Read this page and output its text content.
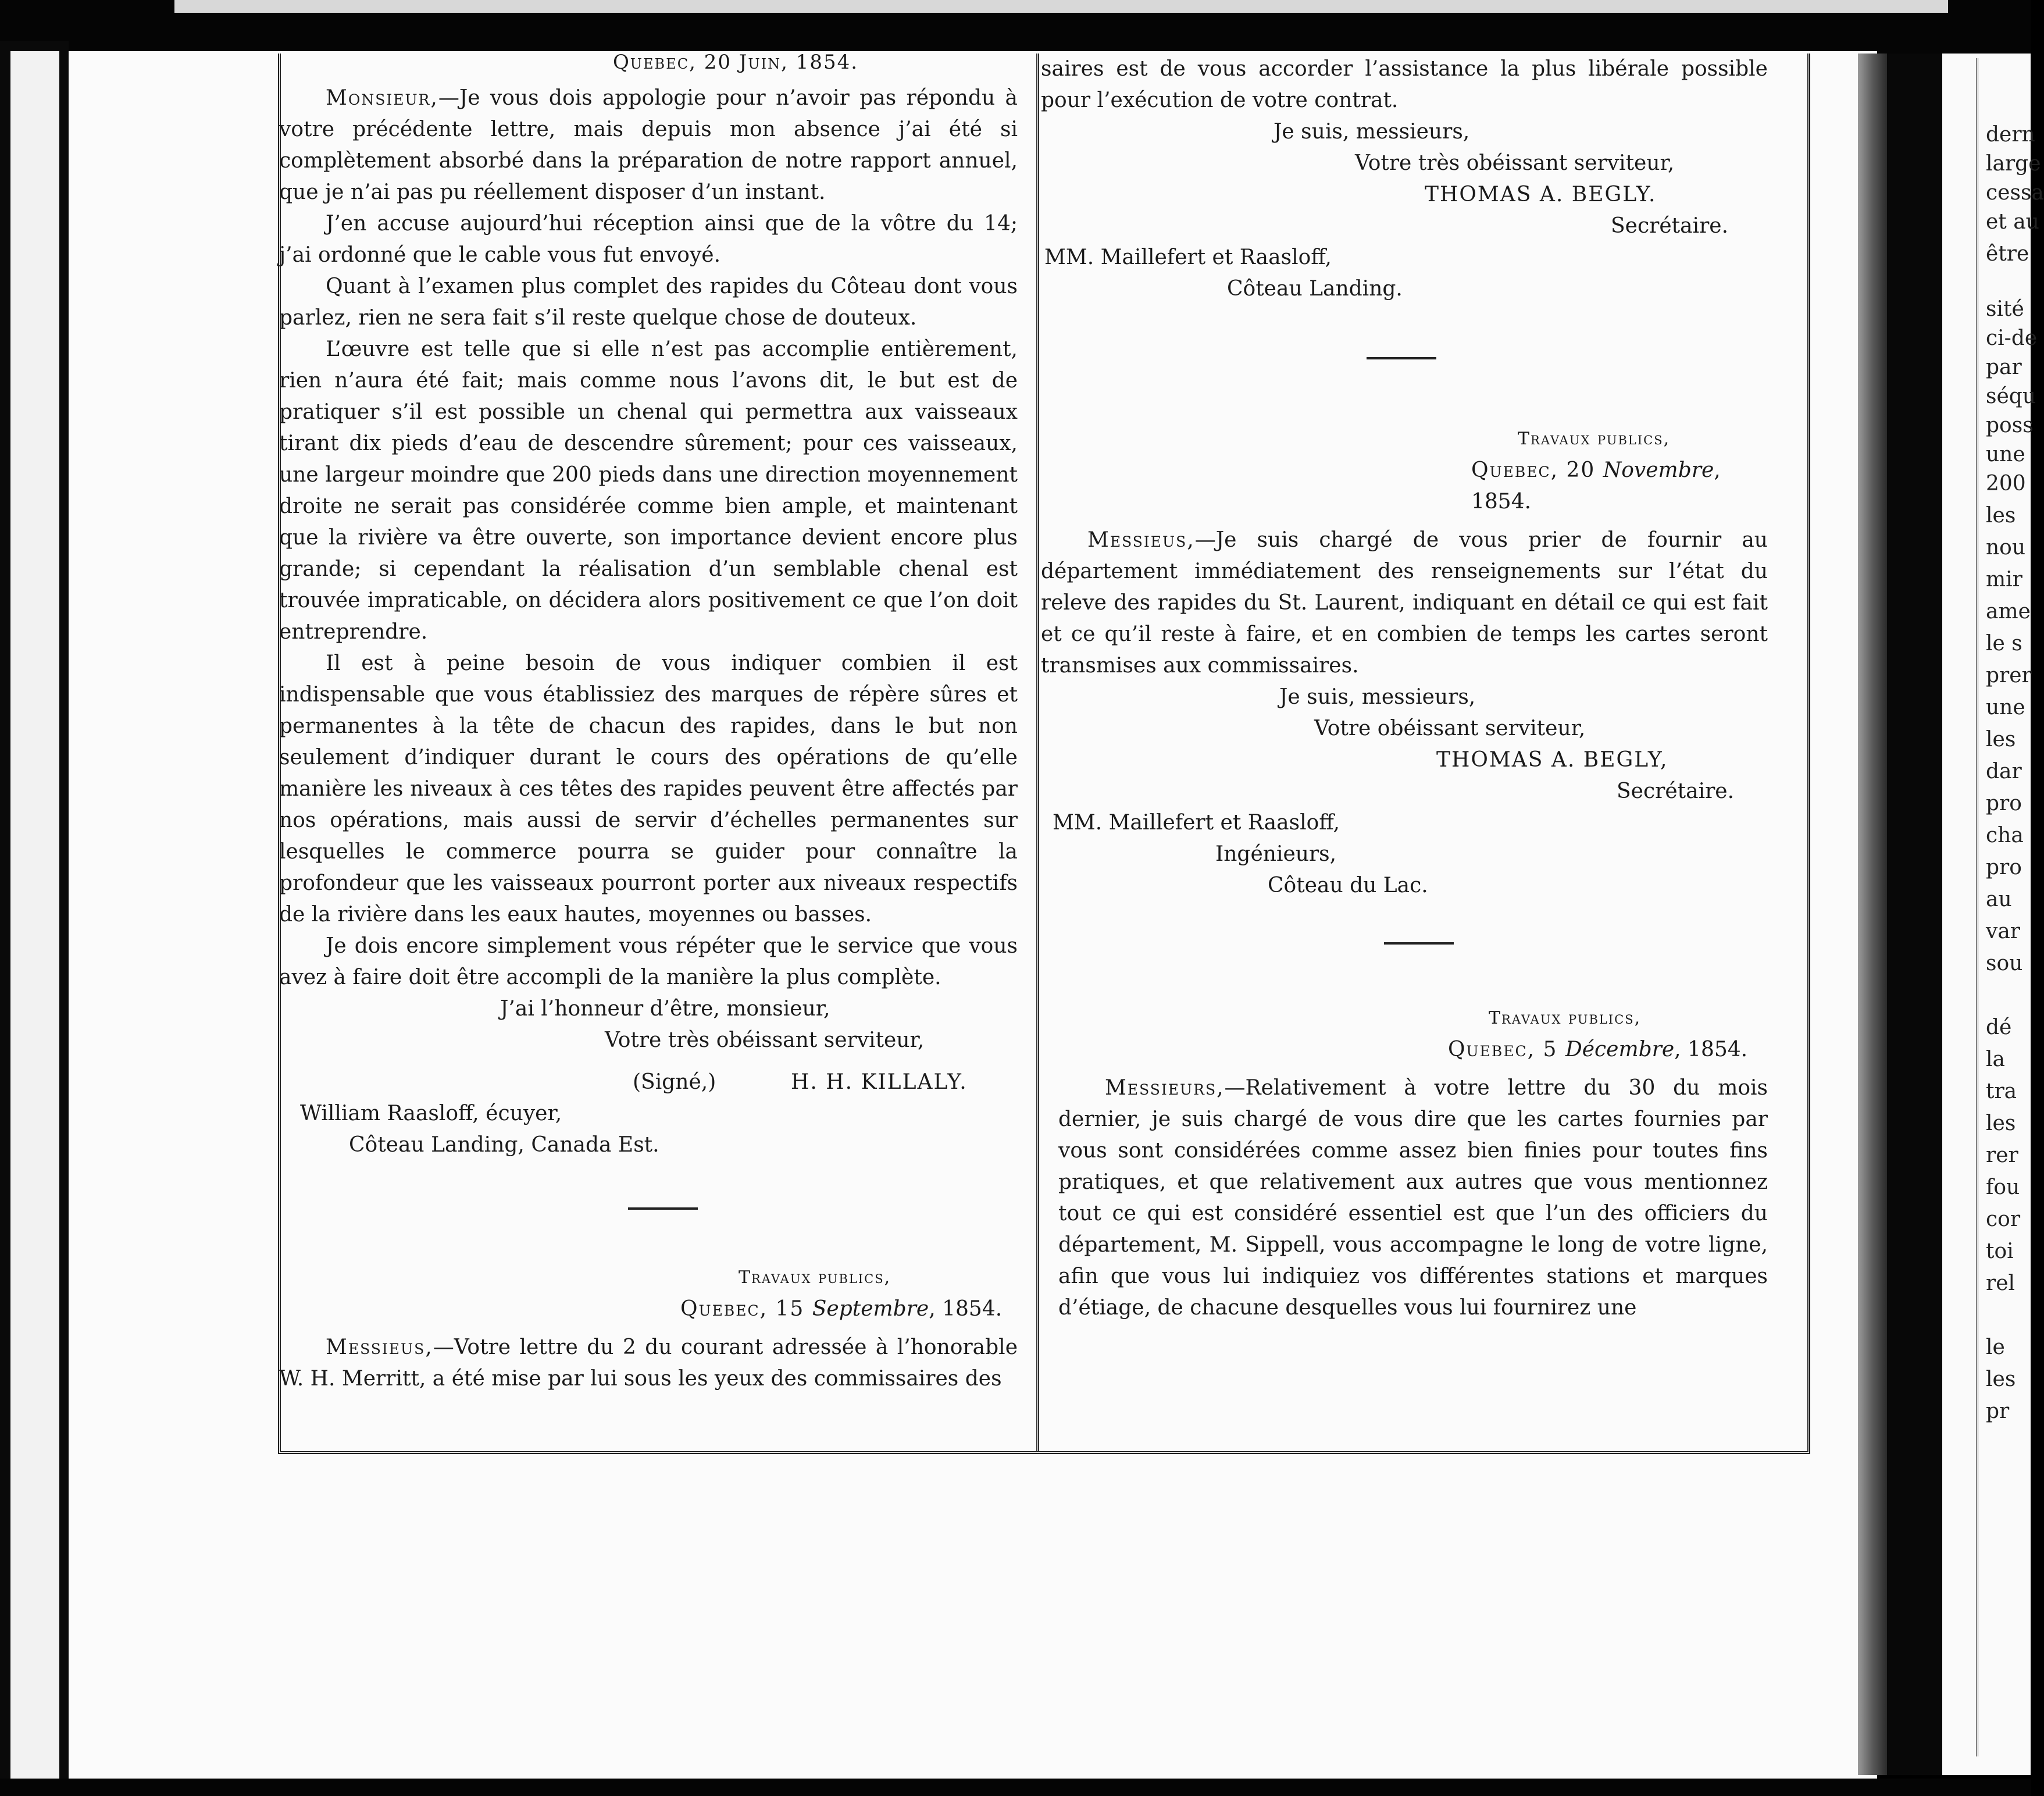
Quebec, 20 Juin, 1854.

Monsieur,—Je vous dois appologie pour n’avoir pas répondu à votre précédente lettre, mais depuis mon absence j’ai été si complètement absorbé dans la préparation de notre rapport annuel, que je n’ai pas pu réellement disposer d’un instant.

J’en accuse aujourd’hui réception ainsi que de la vôtre du 14; j’ai ordonné que le cable vous fut envoyé.

Quant à l’examen plus complet des rapides du Côteau dont vous parlez, rien ne sera fait s’il reste quelque chose de douteux.

L’œuvre est telle que si elle n’est pas accomplie entièrement, rien n’aura été fait; mais comme nous l’avons dit, le but est de pratiquer s’il est possible un chenal qui permettra aux vaisseaux tirant dix pieds d’eau de descendre sûrement; pour ces vaisseaux, une largeur moindre que 200 pieds dans une direction moyennement droite ne serait pas considérée comme bien ample, et maintenant que la rivière va être ouverte, son importance devient encore plus grande; si cependant la réalisation d’un semblable chenal est trouvée impraticable, on décidera alors positivement ce que l’on doit entreprendre.

Il est à peine besoin de vous indiquer combien il est indispensable que vous établissiez des marques de répère sûres et permanentes à la tête de chacun des rapides, dans le but non seulement d’indiquer durant le cours des opérations de qu’elle manière les niveaux à ces têtes des rapides peuvent être affectés par nos opérations, mais aussi de servir d’échelles permanentes sur lesquelles le commerce pourra se guider pour connaître la profondeur que les vaisseaux pourront porter aux niveaux respectifs de la rivière dans les eaux hautes, moyennes ou basses.

Je dois encore simplement vous répéter que le service que vous avez à faire doit être accompli de la manière la plus complète.

J’ai l’honneur d’être, monsieur,
Votre très obéissant serviteur,
(Signé,)	H. H. KILLALY.
William Raasloff, écuyer,
Côteau Landing, Canada Est.
Travaux publics,
Quebec, 15 Septembre, 1854.

Messieus,—Votre lettre du 2 du courant adressée à l’honorable W. H. Merritt, a été mise par lui sous les yeux des commissaires des

saires est de vous accorder l’assistance la plus libérale possible pour l’exécution de votre contrat.

Je suis, messieurs,
Votre très obéissant serviteur,
THOMAS A. BEGLY.
Secrétaire.
MM. Maillefert et Raasloff,
Côteau Landing.
Travaux publics,
Quebec, 20 Novembre, 1854.

Messieus,—Je suis chargé de vous prier de fournir au département immédiatement des renseignements sur l’état du releve des rapides du St. Laurent, indiquant en détail ce qui est fait et ce qu’il reste à faire, et en combien de temps les cartes seront transmises aux commissaires.

Je suis, messieurs,
Votre obéissant serviteur,
THOMAS A. BEGLY,
Secrétaire.
MM. Maillefert et Raasloff,
Ingénieurs,
Côteau du Lac.
Travaux publics,
Quebec, 5 Décembre, 1854.

Messieurs,—Relativement à votre lettre du 30 du mois dernier, je suis chargé de vous dire que les cartes fournies par vous sont considérées comme assez bien finies pour toutes fins pratiques, et que relativement aux autres que vous mentionnez tout ce qui est considéré essentiel est que l’un des officiers du département, M. Sippell, vous accompagne le long de votre ligne, afin que vous lui indiquiez vos différentes stations et marques d’étiage, de chacune desquelles vous lui fournirez une

dern
large
cessa
et au
être
sité
ci-de
par
séqu
poss
une
200
les
nou
mir
ame
le s
prer
une
les
dar
pro
cha
pro
au
var
sou
dé
la
tra
les
rer
fou
cor
toi
rel
le
les
pr
